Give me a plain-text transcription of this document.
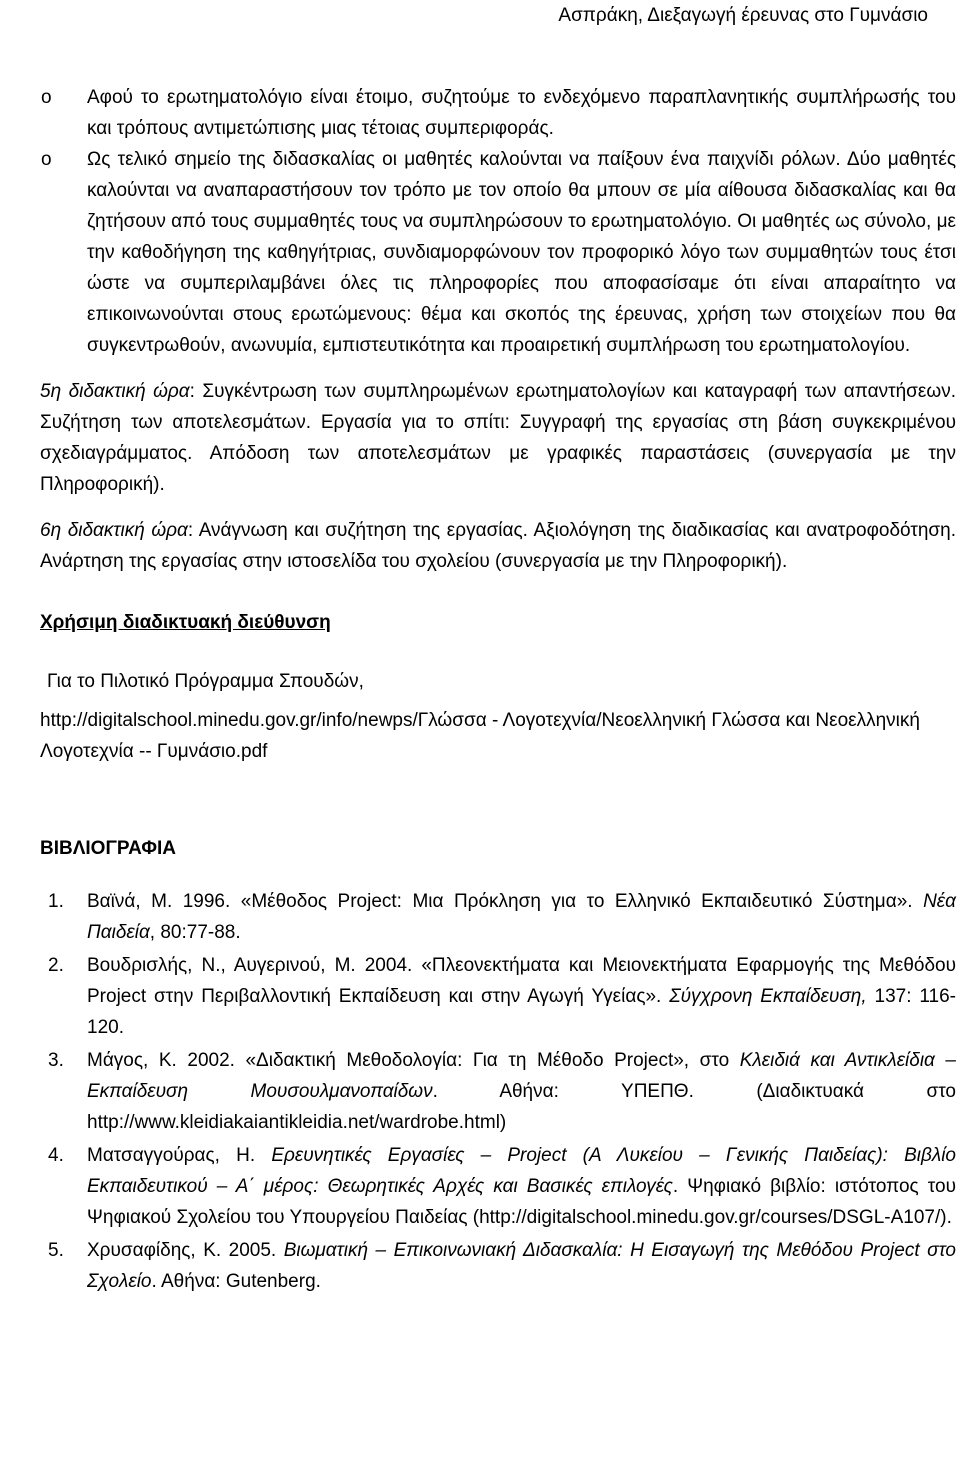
Ασπράκη, Διεξαγωγή έρευνας στο Γυμνάσιο
o Αφού το ερωτηματολόγιο είναι έτοιμο, συζητούμε το ενδεχόμενο παραπλανητικής συμπλήρωσής του και τρόπους αντιμετώπισης μιας τέτοιας συμπεριφοράς.
o Ως τελικό σημείο της διδασκαλίας οι μαθητές καλούνται να παίξουν ένα παιχνίδι ρόλων. Δύο μαθητές καλούνται να αναπαραστήσουν τον τρόπο με τον οποίο θα μπουν σε μία αίθουσα διδασκαλίας και θα ζητήσουν από τους συμμαθητές τους να συμπληρώσουν το ερωτηματολόγιο. Οι μαθητές ως σύνολο, με την καθοδήγηση της καθηγήτριας, συνδιαμορφώνουν τον προφορικό λόγο των συμμαθητών τους έτσι ώστε να συμπεριλαμβάνει όλες τις πληροφορίες που αποφασίσαμε ότι είναι απαραίτητο να επικοινωνούνται στους ερωτώμενους: θέμα και σκοπός της έρευνας, χρήση των στοιχείων που θα συγκεντρωθούν, ανωνυμία, εμπιστευτικότητα και προαιρετική συμπλήρωση του ερωτηματολογίου.

5η διδακτική ώρα: Συγκέντρωση των συμπληρωμένων ερωτηματολογίων και καταγραφή των απαντήσεων. Συζήτηση των αποτελεσμάτων. Εργασία για το σπίτι: Συγγραφή της εργασίας στη βάση συγκεκριμένου σχεδιαγράμματος. Απόδοση των αποτελεσμάτων με γραφικές παραστάσεις (συνεργασία με την Πληροφορική).

6η διδακτική ώρα: Ανάγνωση και συζήτηση της εργασίας. Αξιολόγηση της διαδικασίας και ανατροφοδότηση. Ανάρτηση της εργασίας στην ιστοσελίδα του σχολείου (συνεργασία με την Πληροφορική).

Χρήσιμη διαδικτυακή διεύθυνση

Για το Πιλοτικό Πρόγραμμα Σπουδών,

http://digitalschool.minedu.gov.gr/info/newps/Γλώσσα - Λογοτεχνία/Νεοελληνική Γλώσσα και Νεοελληνική Λογοτεχνία -- Γυμνάσιο.pdf

ΒΙΒΛΙΟΓΡΑΦΙΑ

1. Βαϊνά, Μ. 1996. «Μέθοδος Project: Μια Πρόκληση για το Ελληνικό Εκπαιδευτικό Σύστημα». Νέα Παιδεία, 80:77-88.
2. Βουδρισλής, Ν., Αυγερινού, Μ. 2004. «Πλεονεκτήματα και Μειονεκτήματα Εφαρμογής της Μεθόδου Project στην Περιβαλλοντική Εκπαίδευση και στην Αγωγή Υγείας». Σύγχρονη Εκπαίδευση, 137: 116-120.
3. Μάγος, Κ. 2002. «Διδακτική Μεθοδολογία: Για τη Μέθοδο Project», στο Κλειδιά και Αντικλείδια – Εκπαίδευση Μουσουλμανοπαίδων. Αθήνα: ΥΠΕΠΘ. (Διαδικτυακά στο http://www.kleidiakaiantikleidia.net/wardrobe.html)
4. Ματσαγγούρας, Η. Ερευνητικές Εργασίες – Project (Α Λυκείου – Γενικής Παιδείας): Βιβλίο Εκπαιδευτικού – Α΄ μέρος: Θεωρητικές Αρχές και Βασικές επιλογές. Ψηφιακό βιβλίο: ιστότοπος του Ψηφιακού Σχολείου του Υπουργείου Παιδείας (http://digitalschool.minedu.gov.gr/courses/DSGL-A107/).
5. Χρυσαφίδης, Κ. 2005. Βιωματική – Επικοινωνιακή Διδασκαλία: Η Εισαγωγή της Μεθόδου Project στο Σχολείο. Αθήνα: Gutenberg.
